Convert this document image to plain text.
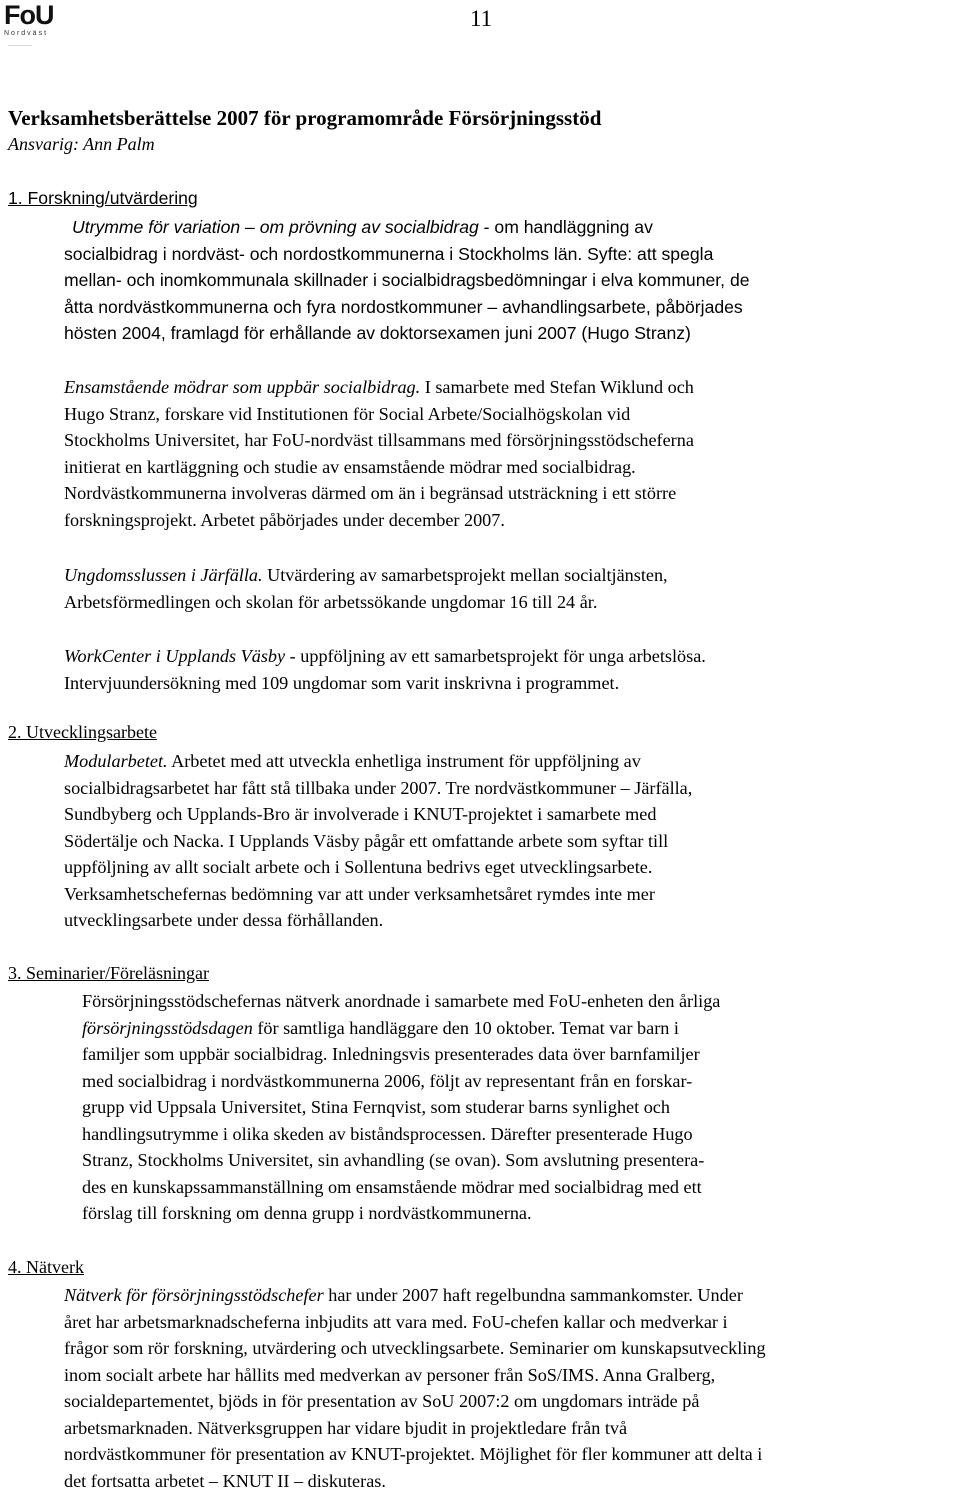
FoU
Nordväst
——————
11
Verksamhetsberättelse 2007 för programområde Försörjningsstöd
Ansvarig: Ann Palm
1. Forskning/utvärdering
Utrymme för variation – om prövning av socialbidrag - om handläggning av
socialbidrag i nordväst- och nordostkommunerna i Stockholms län. Syfte: att spegla
mellan- och inomkommunala skillnader i socialbidragsbedömningar i elva kommuner, de
åtta nordvästkommunerna och fyra nordostkommuner – avhandlingsarbete, påbörjades
hösten 2004, framlagd för erhållande av doktorsexamen juni 2007 (Hugo Stranz)
Ensamstående mödrar som uppbär socialbidrag. I samarbete med Stefan Wiklund och
Hugo Stranz, forskare vid Institutionen för Social Arbete/Socialhögskolan vid
Stockholms Universitet, har FoU-nordväst tillsammans med försörjningsstödscheferna
initierat en kartläggning och studie av ensamstående mödrar med socialbidrag.
Nordvästkommunerna involveras därmed om än i begränsad utsträckning i ett större
forskningsprojekt. Arbetet påbörjades under december 2007.
Ungdomsslussen i Järfälla. Utvärdering av samarbetsprojekt mellan socialtjänsten,
Arbetsförmedlingen och skolan för arbetssökande ungdomar 16 till 24 år.
WorkCenter i Upplands Väsby - uppföljning av ett samarbetsprojekt för unga arbetslösa.
Intervjuundersökning med 109 ungdomar som varit inskrivna i programmet.
2. Utvecklingsarbete
Modularbetet. Arbetet med att utveckla enhetliga instrument för uppföljning av
socialbidragsarbetet har fått stå tillbaka under 2007. Tre nordvästkommuner – Järfälla,
Sundbyberg och Upplands-Bro är involverade i KNUT-projektet i samarbete med
Södertälje och Nacka. I Upplands Väsby pågår ett omfattande arbete som syftar till
uppföljning av allt socialt arbete och i Sollentuna bedrivs eget utvecklingsarbete.
Verksamhetschefernas bedömning var att under verksamhetsåret rymdes inte mer
utvecklingsarbete under dessa förhållanden.
3. Seminarier/Föreläsningar
Försörjningsstödschefernas nätverk anordnade i samarbete med FoU-enheten den årliga
försörjningsstödsdagen för samtliga handläggare den 10 oktober. Temat var barn i
familjer som uppbär socialbidrag. Inledningsvis presenterades data över barnfamiljer
med socialbidrag i nordvästkommunerna 2006, följt av representant från en forskar-
grupp vid Uppsala Universitet, Stina Fernqvist, som studerar barns synlighet och
handlingsutrymme i olika skeden av biståndsprocessen. Därefter presenterade Hugo
Stranz, Stockholms Universitet, sin avhandling (se ovan). Som avslutning presentera-
des en kunskapssammanställning om ensamstående mödrar med socialbidrag med ett
förslag till forskning om denna grupp i nordvästkommunerna.
4. Nätverk
Nätverk för försörjningsstödschefer har under 2007 haft regelbundna sammankomster. Under
året har arbetsmarknadscheferna inbjudits att vara med. FoU-chefen kallar och medverkar i
frågor som rör forskning, utvärdering och utvecklingsarbete. Seminarier om kunskapsutveckling
inom socialt arbete har hållits med medverkan av personer från SoS/IMS. Anna Gralberg,
socialdepartementet, bjöds in för presentation av SoU 2007:2 om ungdomars inträde på
arbetsmarknaden. Nätverksgruppen har vidare bjudit in projektledare från två
nordvästkommuner för presentation av KNUT-projektet. Möjlighet för fler kommuner att delta i
det fortsatta arbetet – KNUT II – diskuteras.
